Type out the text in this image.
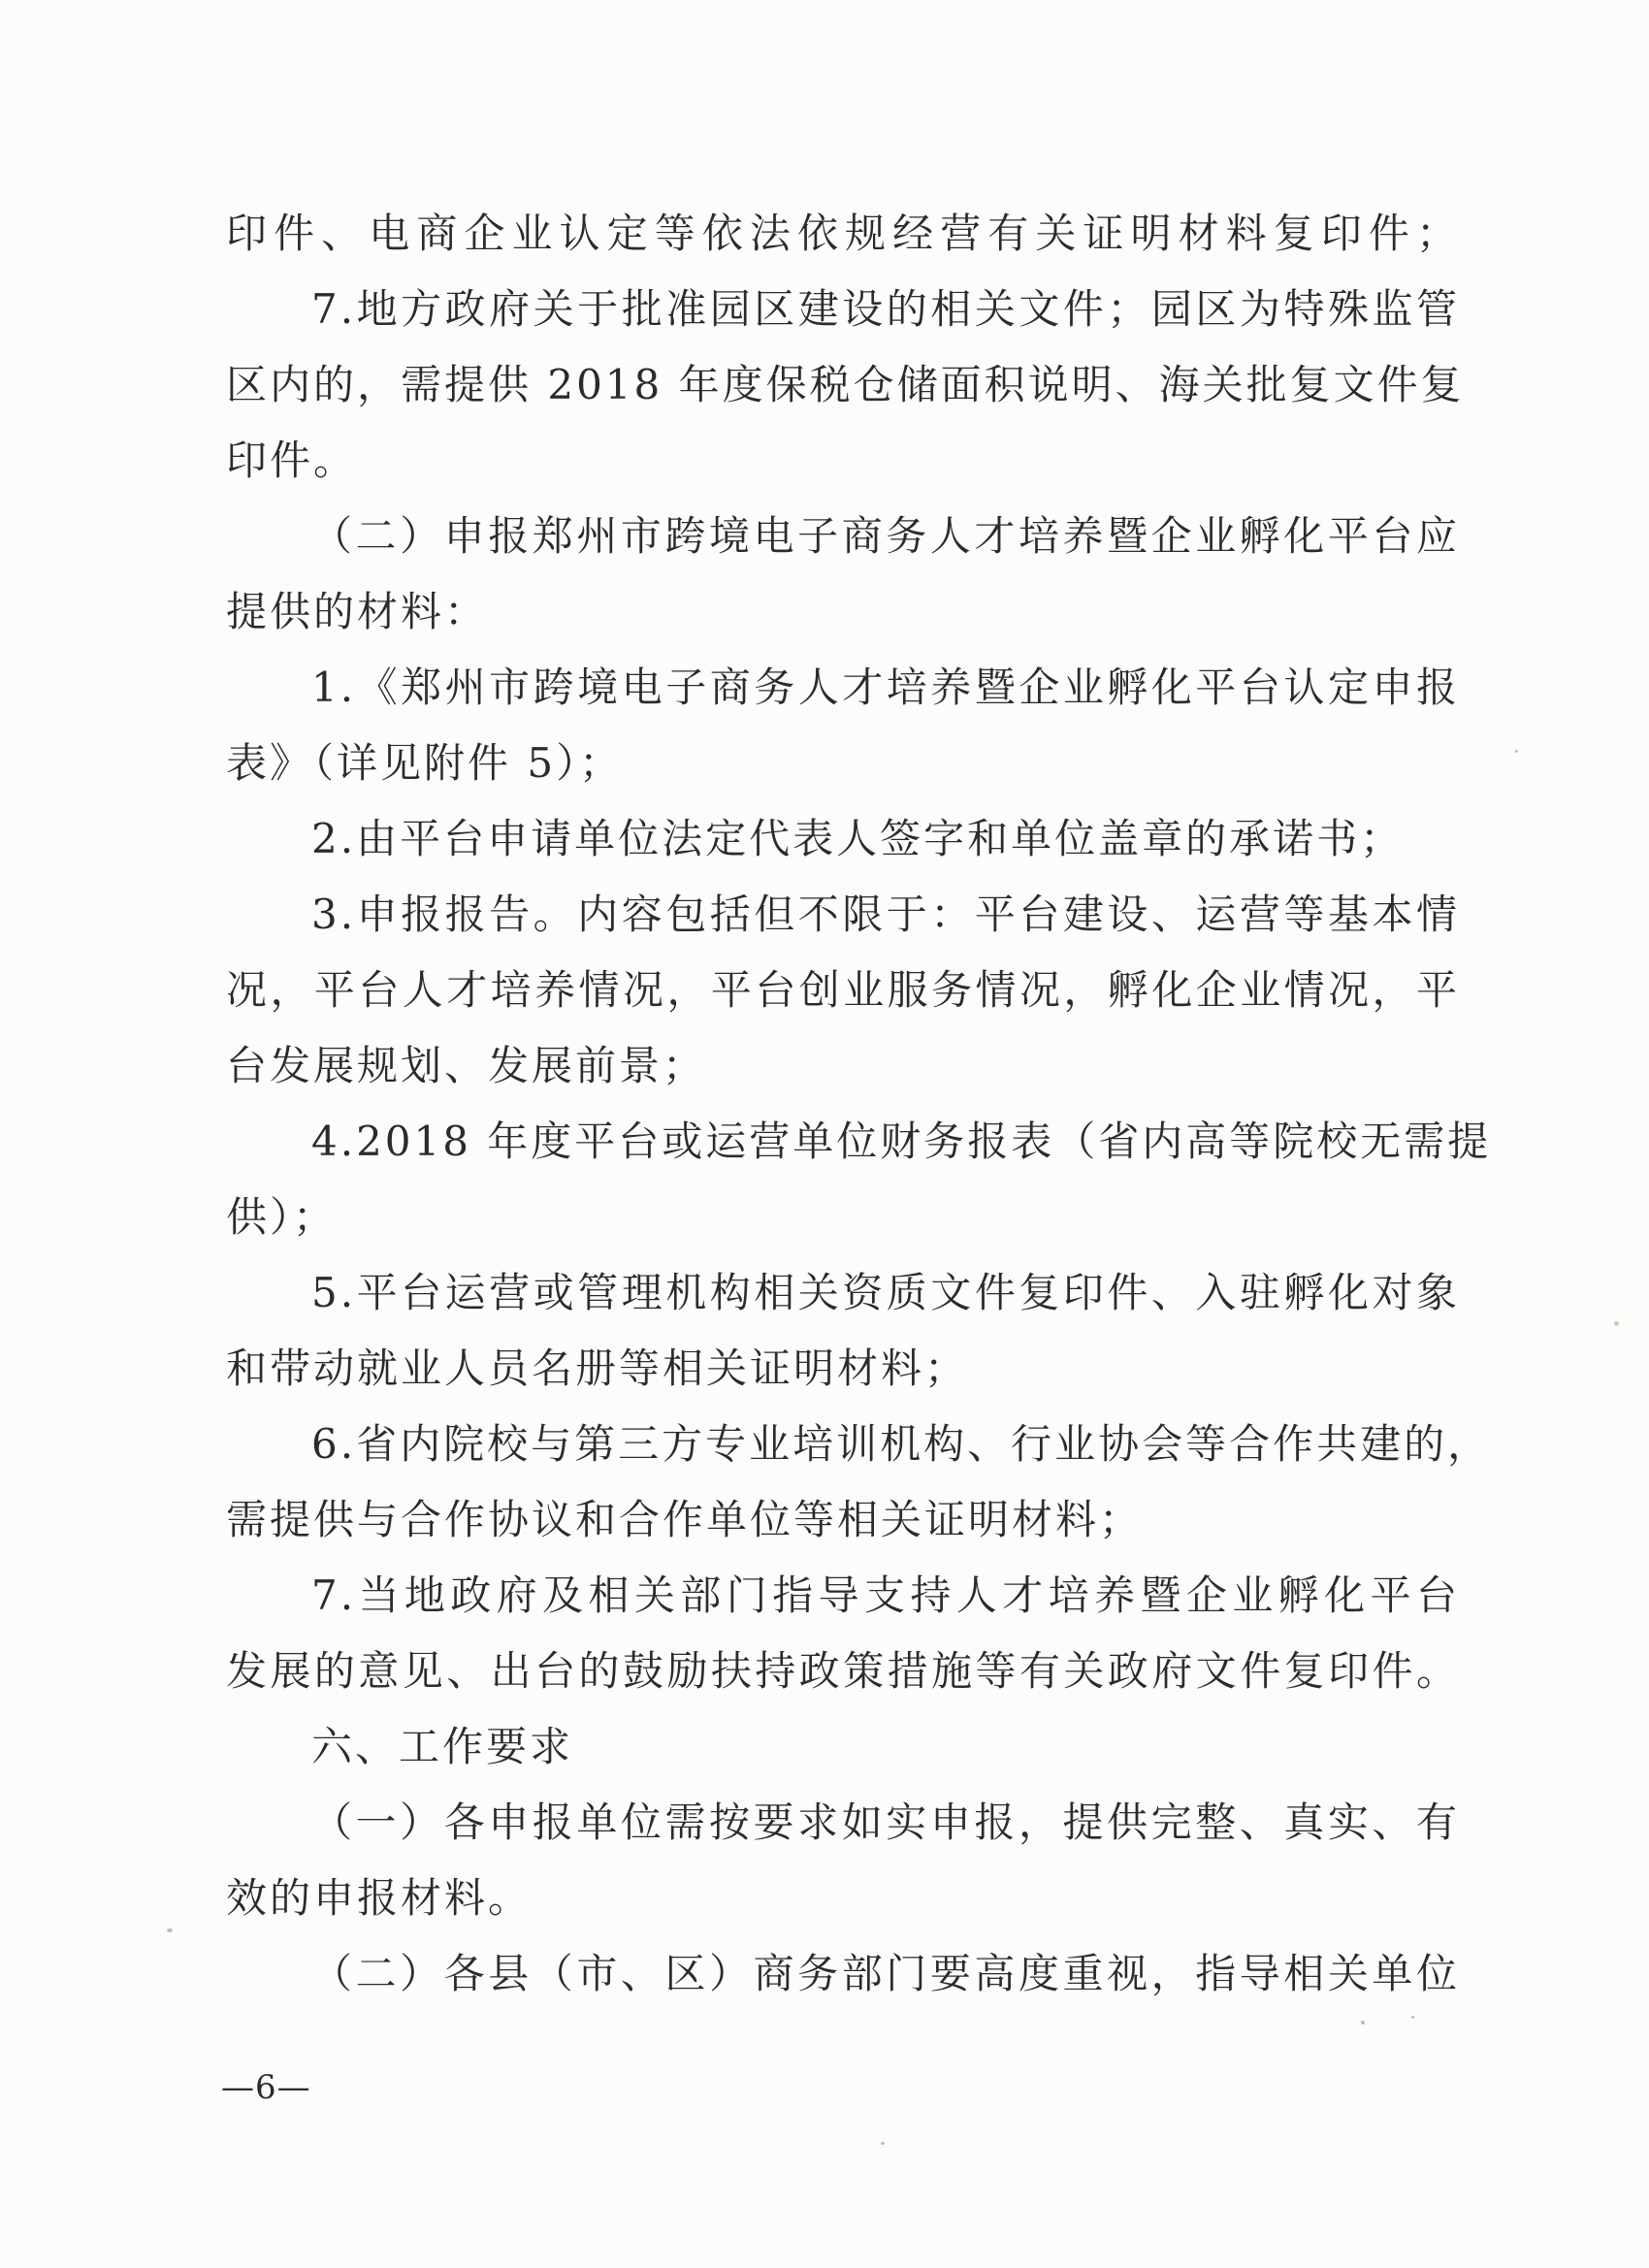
印件、电商企业认定等依法依规经营有关证明材料复印件；
7.地方政府关于批准园区建设的相关文件；园区为特殊监管
区内的，需提供 2018 年度保税仓储面积说明、海关批复文件复
印件。
（二）申报郑州市跨境电子商务人才培养暨企业孵化平台应
提供的材料：
1.《郑州市跨境电子商务人才培养暨企业孵化平台认定申报
表》（详见附件 5）；
2.由平台申请单位法定代表人签字和单位盖章的承诺书；
3.申报报告。内容包括但不限于：平台建设、运营等基本情
况，平台人才培养情况，平台创业服务情况，孵化企业情况，平
台发展规划、发展前景；
4.2018 年度平台或运营单位财务报表（省内高等院校无需提
供）；
5.平台运营或管理机构相关资质文件复印件、入驻孵化对象
和带动就业人员名册等相关证明材料；
6.省内院校与第三方专业培训机构、行业协会等合作共建的，
需提供与合作协议和合作单位等相关证明材料；
7.当地政府及相关部门指导支持人才培养暨企业孵化平台
发展的意见、出台的鼓励扶持政策措施等有关政府文件复印件。
六、工作要求
（一）各申报单位需按要求如实申报，提供完整、真实、有
效的申报材料。
（二）各县（市、区）商务部门要高度重视，指导相关单位
—6—
